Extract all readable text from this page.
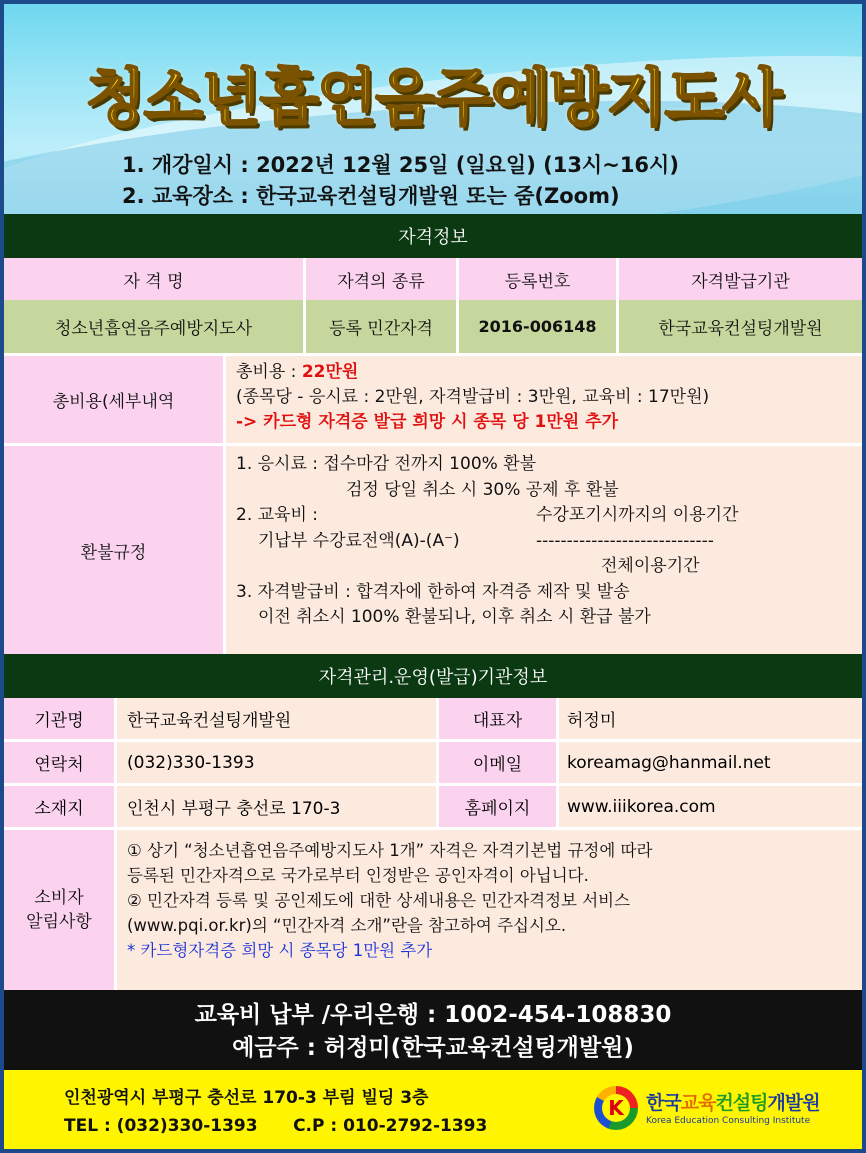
청소년흡연음주예방지도사
1. 개강일시 : 2022년 12월 25일 (일요일) (13시~16시)
2. 교육장소 : 한국교육컨설팅개발원 또는 줌(Zoom)
자격정보
자 격 명	자격의 종류	등록번호	자격발급기관
청소년흡연음주예방지도사	등록 민간자격	2016-006148	한국교육컨설팅개발원
총비용(세부내역
총비용 : 22만원
(종목당 - 응시료 : 2만원, 자격발급비 : 3만원, 교육비 : 17만원)
-> 카드형 자격증 발급 희망 시 종목 당 1만원 추가
환불규정
1. 응시료 : 접수마감 전까지 100% 환불
검정 당일 취소 시 30% 공제 후 환불
2. 교육비 :	수강포기시까지의 이용기간
기납부 수강료전액(A)-(A⁻)	-----------------------------
전체이용기간
3. 자격발급비 : 합격자에 한하여 자격증 제작 및 발송
이전 취소시 100% 환불되나, 이후 취소 시 환급 불가
자격관리.운영(발급)기관정보
기관명	한국교육컨설팅개발원	대표자	허정미
연락처	(032)330-1393	이메일	koreamag@hanmail.net
소재지	인천시 부평구 충선로 170-3	홈페이지	www.iiikorea.com
소비자
알림사항
① 상기 “청소년흡연음주예방지도사 1개” 자격은 자격기본법 규정에 따라
등록된 민간자격으로 국가로부터 인정받은 공인자격이 아닙니다.
② 민간자격 등록 및 공인제도에 대한 상세내용은 민간자격정보 서비스
(www.pqi.or.kr)의 “민간자격 소개”란을 참고하여 주십시오.
* 카드형자격증 희망 시 종목당 1만원 추가
교육비 납부 /우리은행 : 1002-454-108830
예금주 : 허정미(한국교육컨설팅개발원)
인천광역시 부평구 충선로 170-3 부림 빌딩 3층
TEL : (032)330-1393      C.P : 010-2792-1393
K	한국교육컨설팅개발원
Korea Education Consulting Institute
